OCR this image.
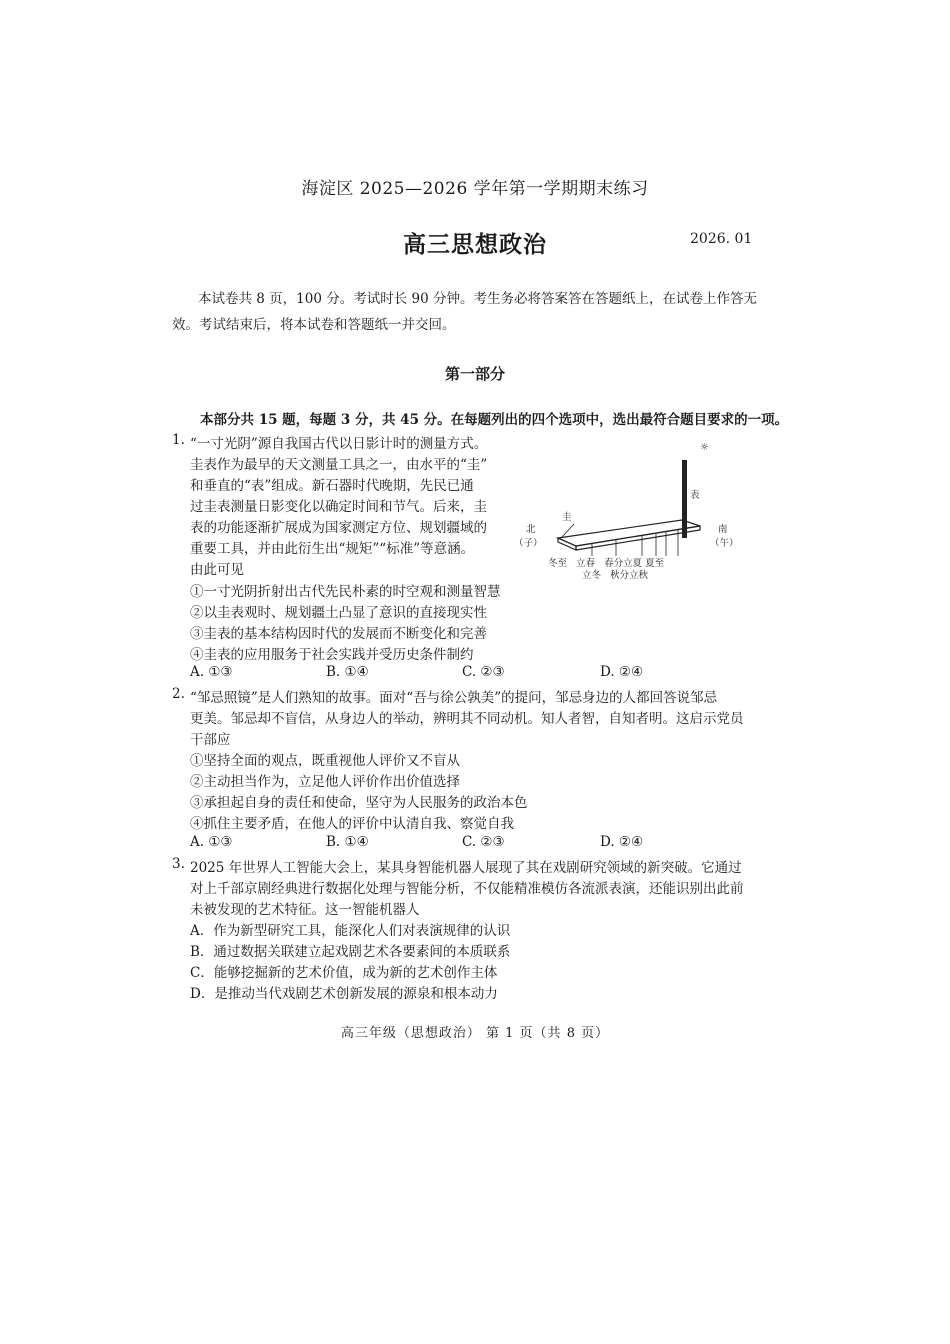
海淀区 2025—2026 学年第一学期期末练习
高三思想政治	2026. 01

本试卷共 8 页，100 分。考试时长 90 分钟。考生务必将答案答在答题纸上，在试卷上作答无

效。考试结束后，将本试卷和答题纸一并交回。

第一部分
本部分共 15 题，每题 3 分，共 45 分。在每题列出的四个选项中，选出最符合题目要求的一项。
1. “一寸光阴”源自我国古代以日影计时的测量方式。
圭表作为最早的天文测量工具之一，由水平的“圭”
和垂直的“表”组成。新石器时代晚期，先民已通
过圭表测量日影变化以确定时间和节气。后来，圭
表的功能逐渐扩展成为国家测定方位、规划疆域的
重要工具，并由此衍生出“规矩”“标准”等意涵。
由此可见
①一寸光阴折射出古代先民朴素的时空观和测量智慧
②以圭表观时、规划疆土凸显了意识的直接现实性
③圭表的基本结构因时代的发展而不断变化和完善
④圭表的应用服务于社会实践并受历史条件制约
A. ①③	B. ①④	C. ②③	D. ②④
☼
表
圭
北
（子）
南
（午）
冬至   立春   春分立夏 夏至
立冬   秋分立秋
2. “邹忌照镜”是人们熟知的故事。面对“吾与徐公孰美”的提问，邹忌身边的人都回答说邹忌
更美。邹忌却不盲信，从身边人的举动，辨明其不同动机。知人者智，自知者明。这启示党员
干部应
①坚持全面的观点，既重视他人评价又不盲从
②主动担当作为，立足他人评价作出价值选择
③承担起自身的责任和使命，坚守为人民服务的政治本色
④抓住主要矛盾，在他人的评价中认清自我、察觉自我
A. ①③	B. ①④	C. ②③	D. ②④
3. 2025 年世界人工智能大会上，某具身智能机器人展现了其在戏剧研究领域的新突破。它通过
对上千部京剧经典进行数据化处理与智能分析，不仅能精准模仿各流派表演，还能识别出此前
未被发现的艺术特征。这一智能机器人
A．作为新型研究工具，能深化人们对表演规律的认识
B．通过数据关联建立起戏剧艺术各要素间的本质联系
C．能够挖掘新的艺术价值，成为新的艺术创作主体
D．是推动当代戏剧艺术创新发展的源泉和根本动力
高三年级（思想政治） 第 1 页（共 8 页）
